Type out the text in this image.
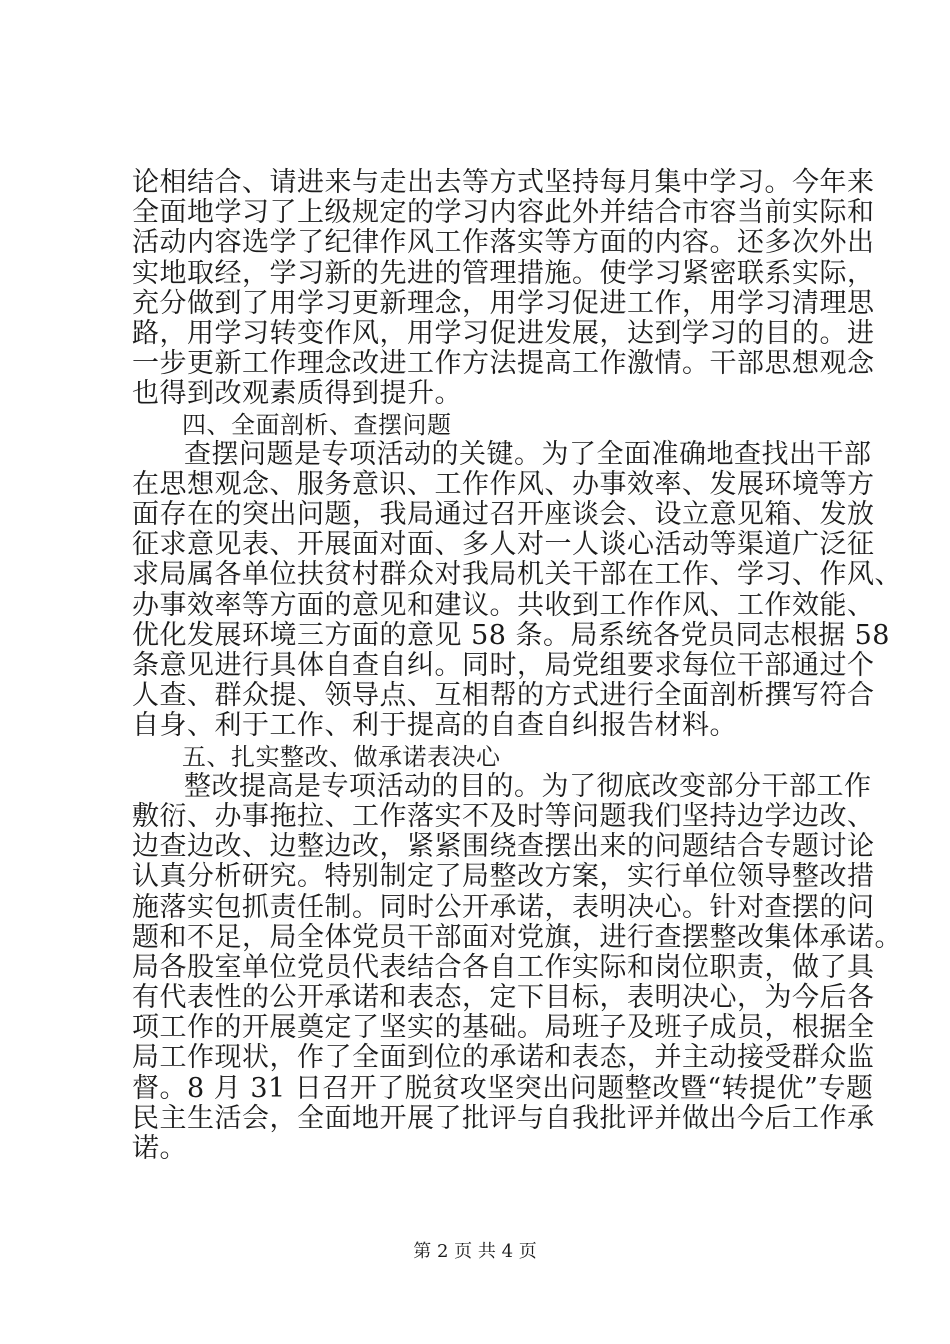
论相结合、请进来与走出去等方式坚持每月集中学习。今年来
全面地学习了上级规定的学习内容此外并结合市容当前实际和
活动内容选学了纪律作风工作落实等方面的内容。还多次外出
实地取经，学习新的先进的管理措施。使学习紧密联系实际，
充分做到了用学习更新理念，用学习促进工作，用学习清理思
路，用学习转变作风，用学习促进发展，达到学习的目的。进
一步更新工作理念改进工作方法提高工作激情。干部思想观念
也得到改观素质得到提升。
四、全面剖析、查摆问题
查摆问题是专项活动的关键。为了全面准确地查找出干部
在思想观念、服务意识、工作作风、办事效率、发展环境等方
面存在的突出问题，我局通过召开座谈会、设立意见箱、发放
征求意见表、开展面对面、多人对一人谈心活动等渠道广泛征
求局属各单位扶贫村群众对我局机关干部在工作、学习、作风、
办事效率等方面的意见和建议。共收到工作作风、工作效能、
优化发展环境三方面的意见 58 条。局系统各党员同志根据 58
条意见进行具体自查自纠。同时，局党组要求每位干部通过个
人查、群众提、领导点、互相帮的方式进行全面剖析撰写符合
自身、利于工作、利于提高的自查自纠报告材料。
五、扎实整改、做承诺表决心
整改提高是专项活动的目的。为了彻底改变部分干部工作
敷衍、办事拖拉、工作落实不及时等问题我们坚持边学边改、
边查边改、边整边改，紧紧围绕查摆出来的问题结合专题讨论
认真分析研究。特别制定了局整改方案，实行单位领导整改措
施落实包抓责任制。同时公开承诺，表明决心。针对查摆的问
题和不足，局全体党员干部面对党旗，进行查摆整改集体承诺。
局各股室单位党员代表结合各自工作实际和岗位职责，做了具
有代表性的公开承诺和表态，定下目标，表明决心，为今后各
项工作的开展奠定了坚实的基础。局班子及班子成员，根据全
局工作现状，作了全面到位的承诺和表态，并主动接受群众监
督。8 月 31 日召开了脱贫攻坚突出问题整改暨“转提优”专题
民主生活会，全面地开展了批评与自我批评并做出今后工作承
诺。
第 2 页 共 4 页
